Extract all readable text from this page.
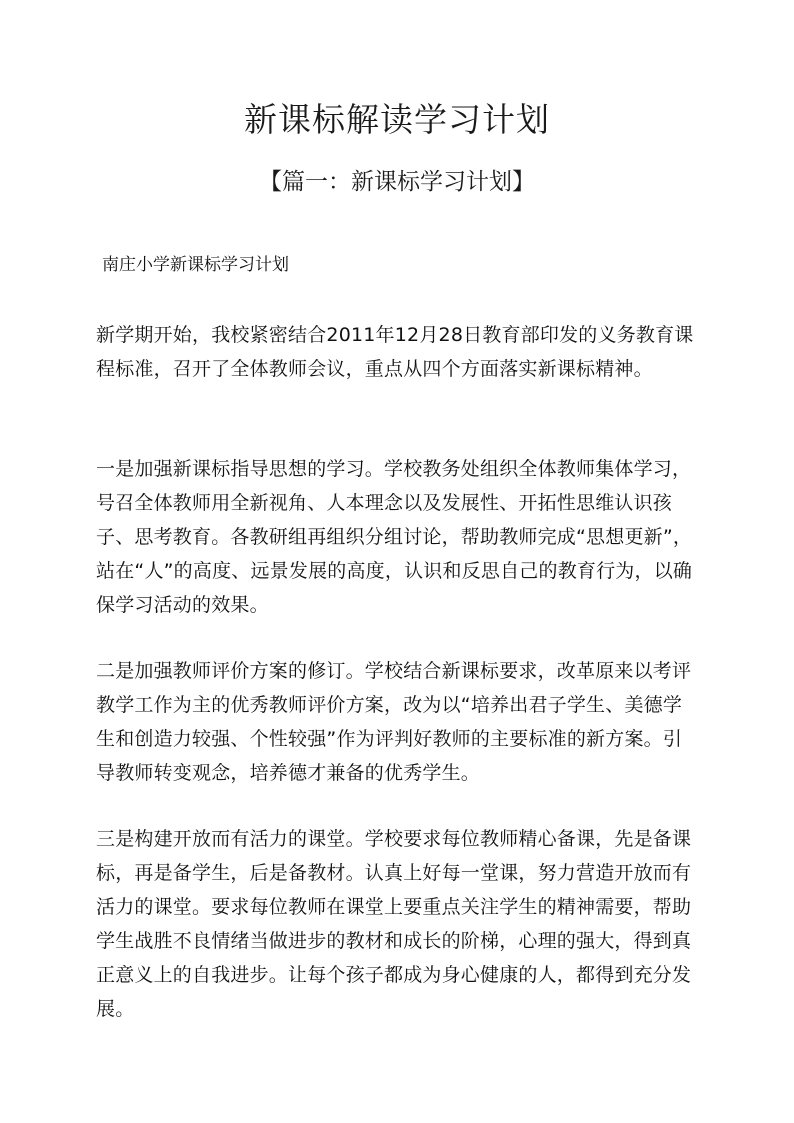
新课标解读学习计划
【篇一：新课标学习计划】
南庄小学新课标学习计划

新学期开始，我校紧密结合2011年12月28日教育部印发的义务教育课程标准，召开了全体教师会议，重点从四个方面落实新课标精神。

一是加强新课标指导思想的学习。学校教务处组织全体教师集体学习，号召全体教师用全新视角、人本理念以及发展性、开拓性思维认识孩子、思考教育。各教研组再组织分组讨论，帮助教师完成“思想更新”，站在“人”的高度、远景发展的高度，认识和反思自己的教育行为，以确保学习活动的效果。

二是加强教师评价方案的修订。学校结合新课标要求，改革原来以考评教学工作为主的优秀教师评价方案，改为以“培养出君子学生、美德学生和创造力较强、个性较强”作为评判好教师的主要标准的新方案。引导教师转变观念，培养德才兼备的优秀学生。

三是构建开放而有活力的课堂。学校要求每位教师精心备课，先是备课标，再是备学生，后是备教材。认真上好每一堂课，努力营造开放而有活力的课堂。要求每位教师在课堂上要重点关注学生的精神需要，帮助学生战胜不良情绪当做进步的教材和成长的阶梯，心理的强大，得到真正意义上的自我进步。让每个孩子都成为身心健康的人，都得到充分发展。
